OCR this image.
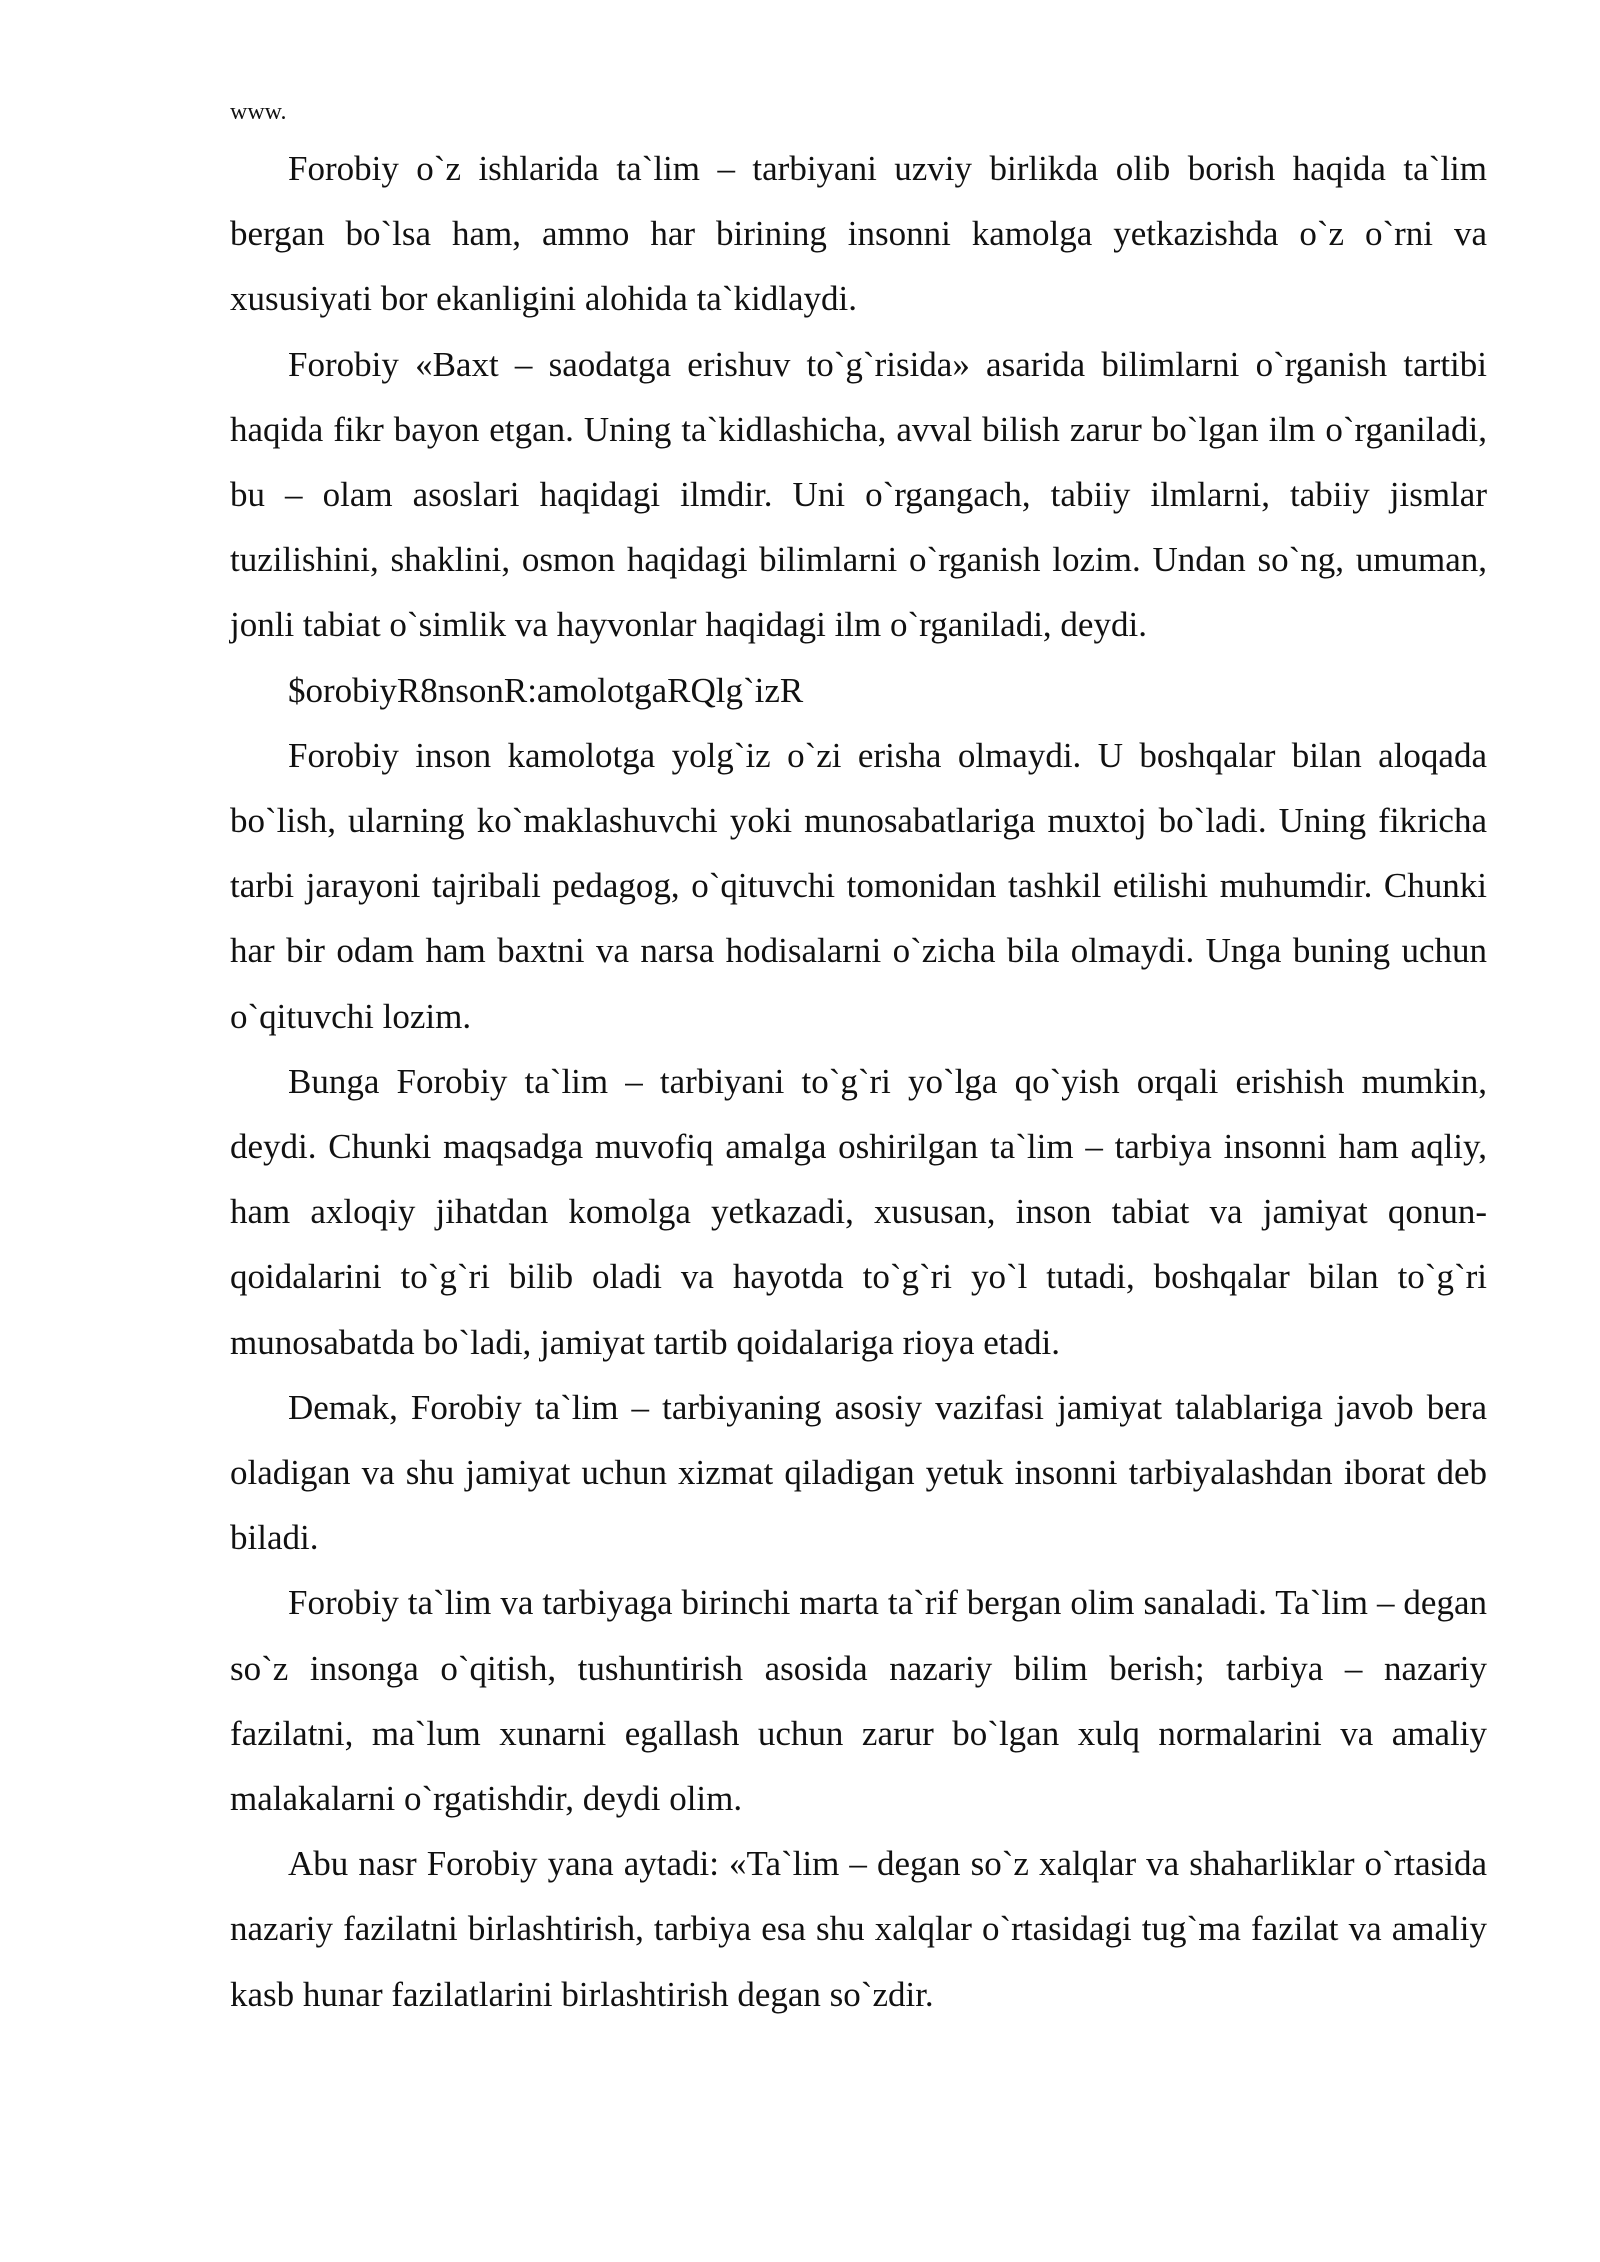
www.

Forobiy o`z ishlarida ta`lim – tarbiyani uzviy birlikda olib borish haqida ta`lim bergan bo`lsa ham, ammo har birining insonni kamolga yetkazishda o`z o`rni va xususiyati bor ekanligini alohida ta`kidlaydi.

Forobiy «Baxt – saodatga erishuv to`g`risida» asarida bilimlarni o`rganish tartibi haqida fikr bayon etgan. Uning ta`kidlashicha, avval bilish zarur bo`lgan ilm o`rganiladi, bu – olam asoslari haqidagi ilmdir. Uni o`rgangach, tabiiy ilmlarni, tabiiy jismlar tuzilishini, shaklini, osmon haqidagi bilimlarni o`rganish lozim. Undan so`ng, umuman, jonli tabiat o`simlik va hayvonlar haqidagi ilm o`rganiladi, deydi.

$orobiyR8nsonR:amolotgaRQlg`izR

Forobiy inson kamolotga yolg`iz o`zi erisha olmaydi. U boshqalar bilan aloqada bo`lish, ularning ko`maklashuvchi yoki munosabatlariga muxtoj bo`ladi. Uning fikricha tarbi jarayoni tajribali pedagog, o`qituvchi tomonidan tashkil etilishi muhumdir. Chunki har bir odam ham baxtni va narsa hodisalarni o`zicha bila olmaydi. Unga buning uchun o`qituvchi lozim.

Bunga Forobiy ta`lim – tarbiyani to`g`ri yo`lga qo`yish orqali erishish mumkin, deydi. Chunki maqsadga muvofiq amalga oshirilgan ta`lim – tarbiya insonni ham aqliy, ham axloqiy jihatdan komolga yetkazadi, xususan, inson tabiat va jamiyat qonun-qoidalarini to`g`ri bilib oladi va hayotda to`g`ri yo`l tutadi, boshqalar bilan to`g`ri munosabatda bo`ladi, jamiyat tartib qoidalariga rioya etadi.

Demak, Forobiy ta`lim – tarbiyaning asosiy vazifasi jamiyat talablariga javob bera oladigan va shu jamiyat uchun xizmat qiladigan yetuk insonni tarbiyalashdan iborat deb biladi.

Forobiy ta`lim va tarbiyaga birinchi marta ta`rif bergan olim sanaladi. Ta`lim – degan so`z insonga o`qitish, tushuntirish asosida nazariy bilim berish; tarbiya – nazariy fazilatni, ma`lum xunarni egallash uchun zarur bo`lgan xulq normalarini va amaliy malakalarni o`rgatishdir, deydi olim.

Abu nasr Forobiy yana aytadi: «Ta`lim – degan so`z xalqlar va shaharliklar o`rtasida nazariy fazilatni birlashtirish, tarbiya esa shu xalqlar o`rtasidagi tug`ma fazilat va amaliy kasb hunar fazilatlarini birlashtirish degan so`zdir.
